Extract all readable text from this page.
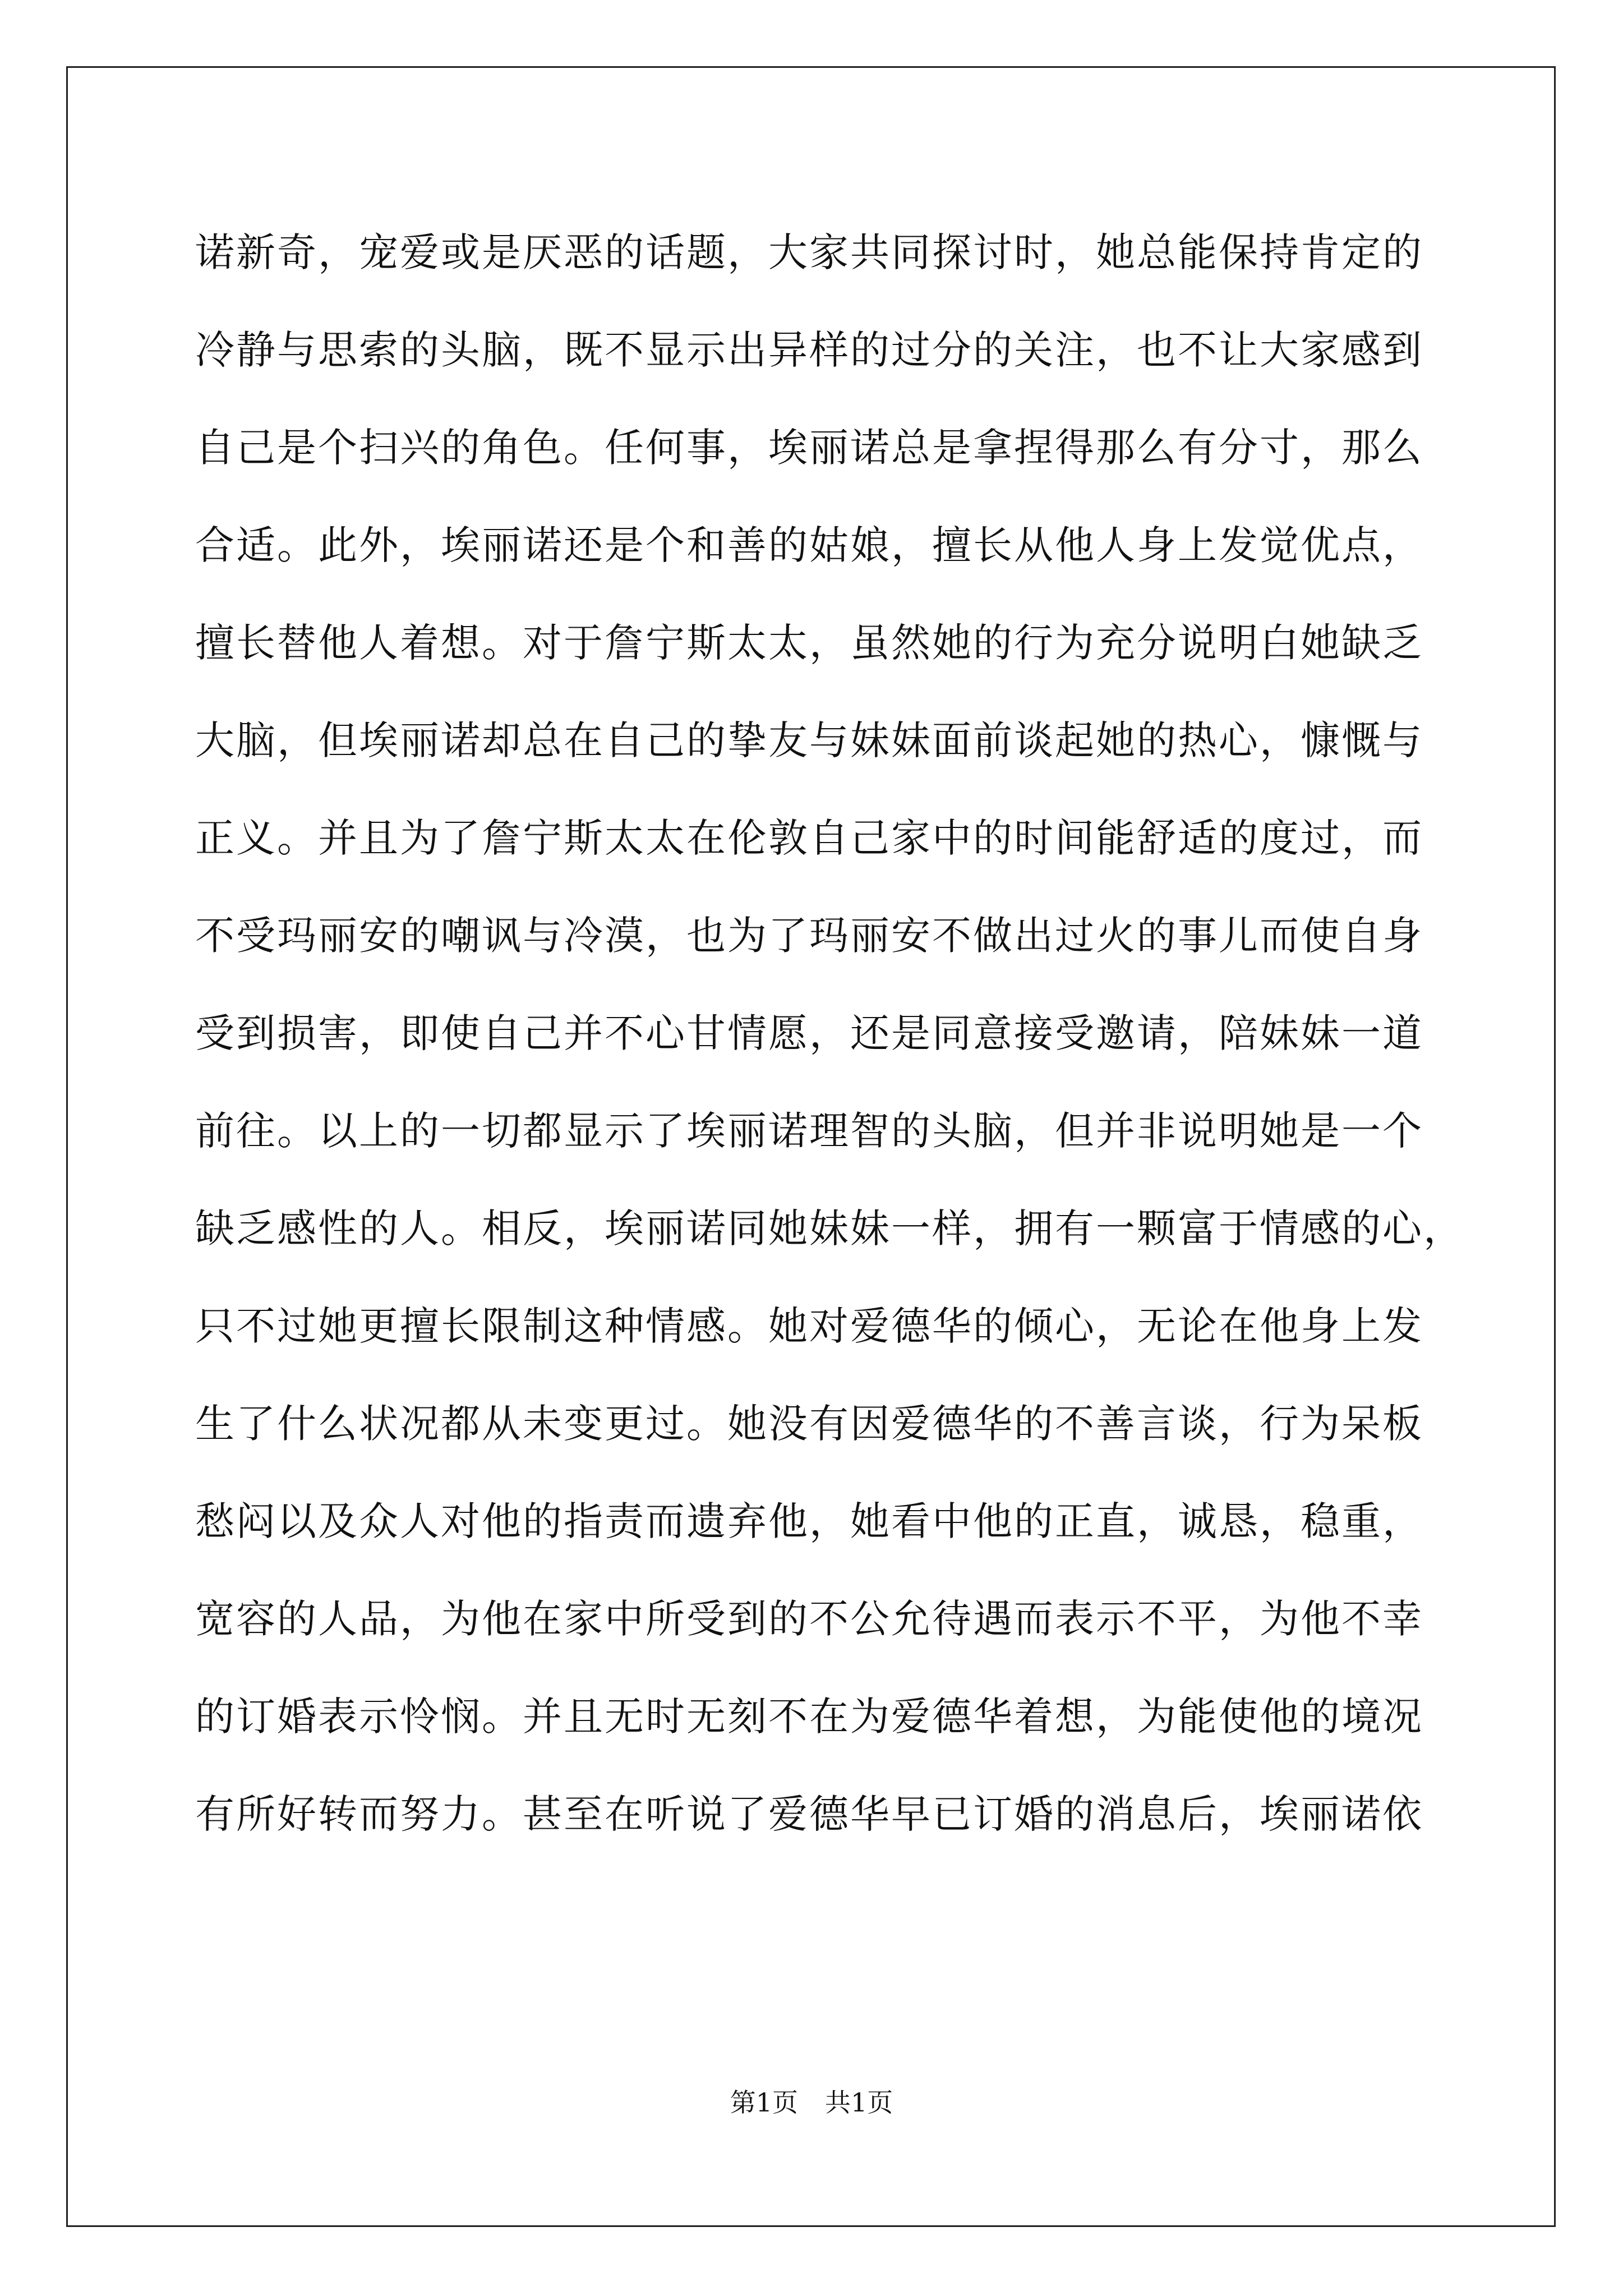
诺新奇，宠爱或是厌恶的话题，大家共同探讨时，她总能保持肯定的
冷静与思索的头脑，既不显示出异样的过分的关注，也不让大家感到
自己是个扫兴的角色。任何事，埃丽诺总是拿捏得那么有分寸，那么
合适。此外，埃丽诺还是个和善的姑娘，擅长从他人身上发觉优点，
擅长替他人着想。对于詹宁斯太太，虽然她的行为充分说明白她缺乏
大脑，但埃丽诺却总在自己的挚友与妹妹面前谈起她的热心，慷慨与
正义。并且为了詹宁斯太太在伦敦自己家中的时间能舒适的度过，而
不受玛丽安的嘲讽与冷漠，也为了玛丽安不做出过火的事儿而使自身
受到损害，即使自己并不心甘情愿，还是同意接受邀请，陪妹妹一道
前往。以上的一切都显示了埃丽诺理智的头脑，但并非说明她是一个
缺乏感性的人。相反，埃丽诺同她妹妹一样，拥有一颗富于情感的心，
只不过她更擅长限制这种情感。她对爱德华的倾心，无论在他身上发
生了什么状况都从未变更过。她没有因爱德华的不善言谈，行为呆板
愁闷以及众人对他的指责而遗弃他，她看中他的正直，诚恳，稳重，
宽容的人品，为他在家中所受到的不公允待遇而表示不平，为他不幸
的订婚表示怜悯。并且无时无刻不在为爱德华着想，为能使他的境况
有所好转而努力。甚至在听说了爱德华早已订婚的消息后，埃丽诺依
第1页 共1页
